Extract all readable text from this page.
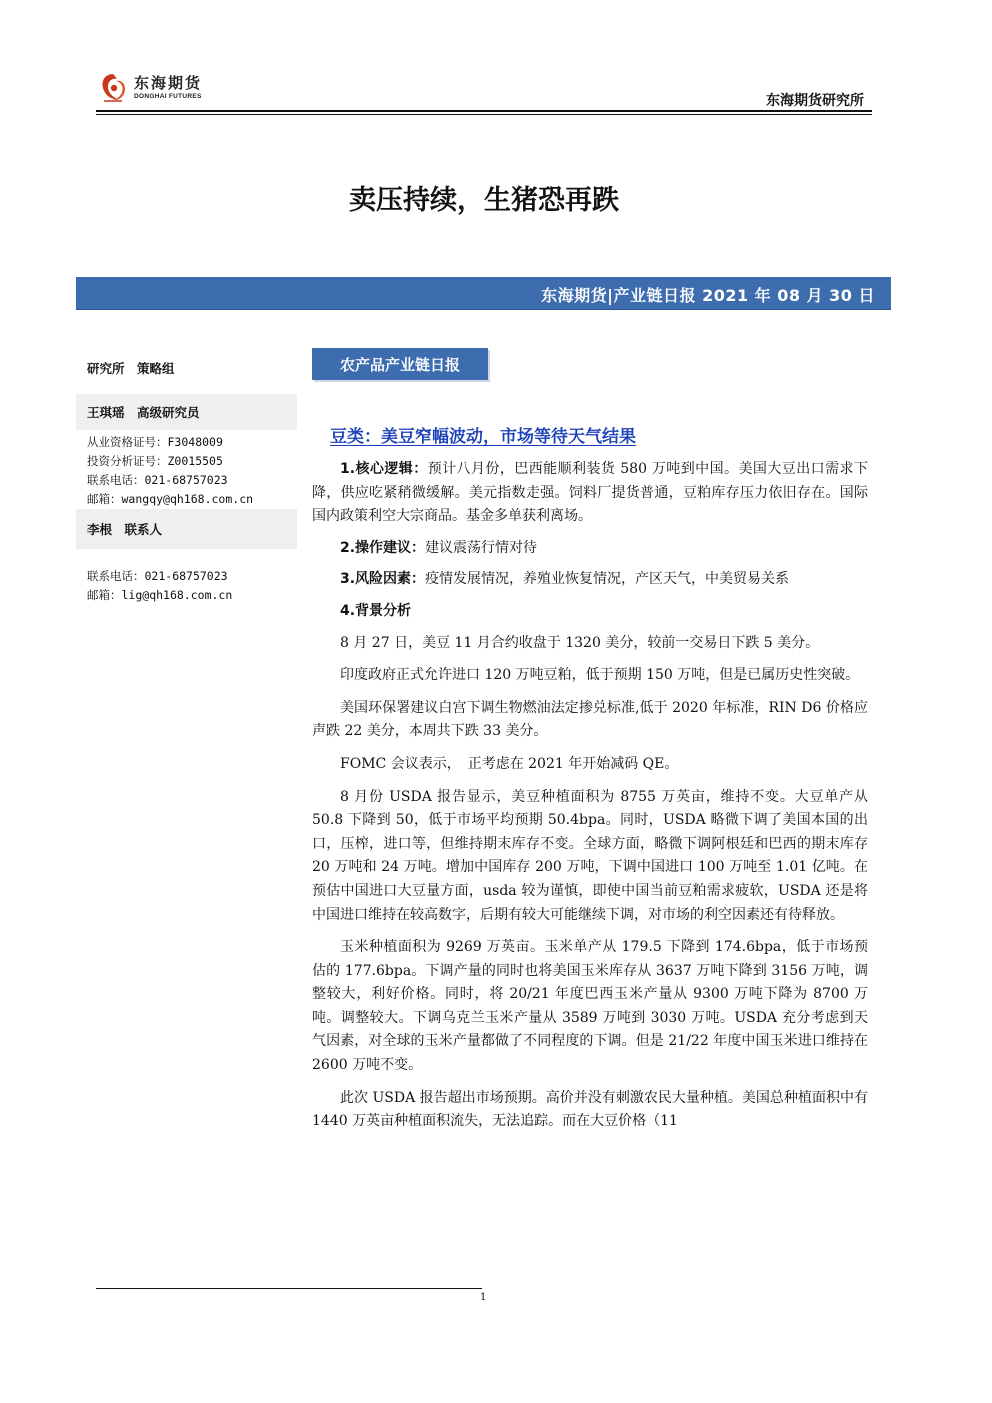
东海期货
DONGHAI FUTURES	东海期货研究所
卖压持续，生猪恐再跌
东海期货|产业链日报 2021 年 08 月 30 日
研究所　策略组
王琪瑶　高级研究员
从业资格证号：F3048009
投资分析证号：Z0015505
联系电话：021-68757023
邮箱：wangqy@qh168.com.cn
李根　联系人
联系电话：021-68757023
邮箱：lig@qh168.com.cn
农产品产业链日报
豆类：美豆窄幅波动，市场等待天气结果

1.核心逻辑：预计八月份，巴西能顺利装货 580 万吨到中国。美国大豆出口需求下降，供应吃紧稍微缓解。美元指数走强。饲料厂提货普通，豆粕库存压力依旧存在。国际国内政策利空大宗商品。基金多单获利离场。

2.操作建议：建议震荡行情对待

3.风险因素：疫情发展情况，养殖业恢复情况，产区天气，中美贸易关系

4.背景分析

8 月 27 日，美豆 11 月合约收盘于 1320 美分，较前一交易日下跌 5 美分。

印度政府正式允许进口 120 万吨豆粕，低于预期 150 万吨，但是已属历史性突破。

美国环保署建议白宫下调生物燃油法定掺兑标准,低于 2020 年标准，RIN D6 价格应声跌 22 美分，本周共下跌 33 美分。

FOMC 会议表示，　正考虑在 2021 年开始减码 QE。

8 月份 USDA 报告显示，美豆种植面积为 8755 万英亩，维持不变。大豆单产从 50.8 下降到 50，低于市场平均预期 50.4bpa。同时，USDA 略微下调了美国本国的出口，压榨，进口等，但维持期末库存不变。全球方面，略微下调阿根廷和巴西的期末库存 20 万吨和 24 万吨。增加中国库存 200 万吨，下调中国进口 100 万吨至 1.01 亿吨。在预估中国进口大豆量方面，usda 较为谨慎，即使中国当前豆粕需求疲软，USDA 还是将中国进口维持在较高数字，后期有较大可能继续下调，对市场的利空因素还有待释放。

玉米种植面积为 9269 万英亩。玉米单产从 179.5 下降到 174.6bpa，低于市场预估的 177.6bpa。下调产量的同时也将美国玉米库存从 3637 万吨下降到 3156 万吨，调整较大，利好价格。同时，将 20/21 年度巴西玉米产量从 9300 万吨下降为 8700 万吨。调整较大。下调乌克兰玉米产量从 3589 万吨到 3030 万吨。USDA 充分考虑到天气因素，对全球的玉米产量都做了不同程度的下调。但是 21/22 年度中国玉米进口维持在 2600 万吨不变。

此次 USDA 报告超出市场预期。高价并没有刺激农民大量种植。美国总种植面积中有 1440 万英亩种植面积流失，无法追踪。而在大豆价格（11

1
